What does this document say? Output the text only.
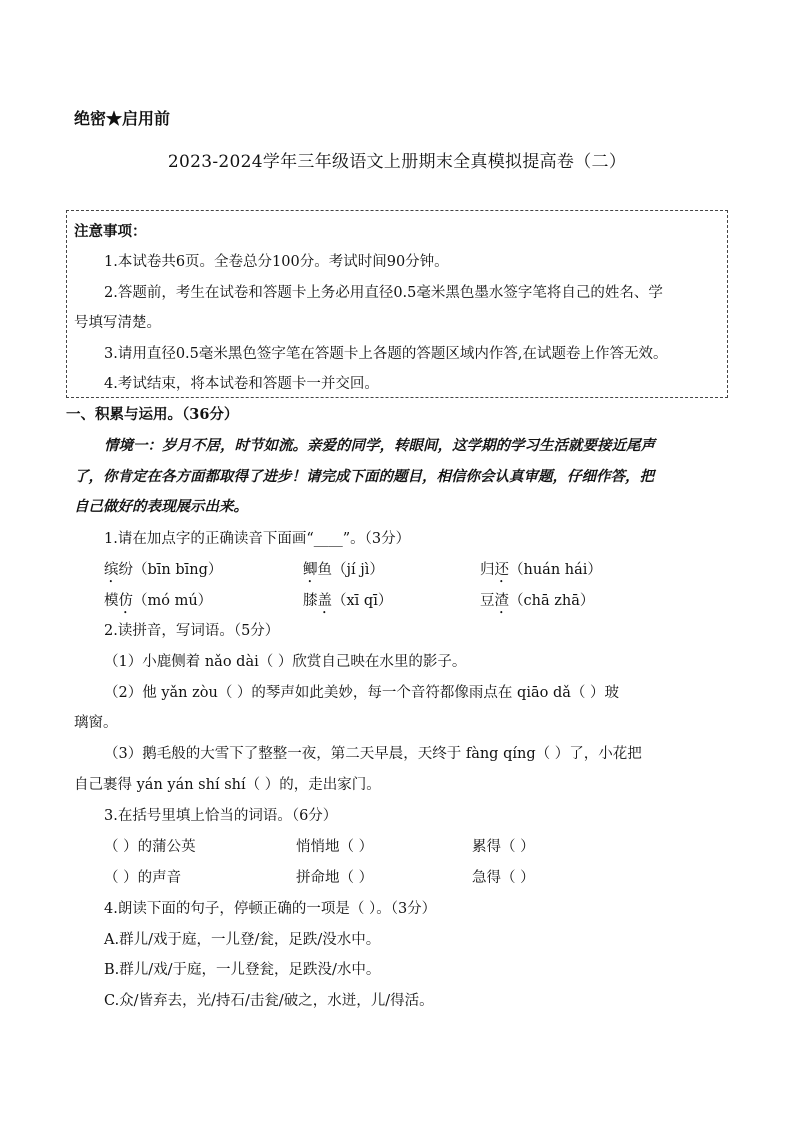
绝密★启用前
2023-2024学年三年级语文上册期末全真模拟提高卷（二）
注意事项：
1.本试卷共6页。全卷总分100分。考试时间90分钟。
2.答题前，考生在试卷和答题卡上务必用直径0.5毫米黑色墨水签字笔将自己的姓名、学
号填写清楚。
3.请用直径0.5毫米黑色签字笔在答题卡上各题的答题区域内作答,在试题卷上作答无效。
4.考试结束，将本试卷和答题卡一并交回。
一、积累与运用。（36分）
情境一：岁月不居，时节如流。亲爱的同学，转眼间，这学期的学习生活就要接近尾声
了，你肯定在各方面都取得了进步！请完成下面的题目，相信你会认真审题，仔细作答，把
自己做好的表现展示出来。
1.请在加点字的正确读音下面画“____”。（3分）
缤纷（bīn bīng）	鲫鱼（jí jì）	归还（huán hái）
模仿（mó mú）	膝盖（xī qī）	豆渣（chā zhā）
2.读拼音，写词语。（5分）
（1）小鹿侧着 nǎo dài（ ）欣赏自己映在水里的影子。
（2）他 yǎn zòu（ ）的琴声如此美妙，每一个音符都像雨点在 qiāo dǎ（ ）玻
璃窗。
（3）鹅毛般的大雪下了整整一夜，第二天早晨，天终于 fàng qíng（ ）了，小花把
自己裹得 yán yán shí shí（ ）的，走出家门。
3.在括号里填上恰当的词语。（6分）
（ ）的蒲公英	悄悄地（ ）	累得（ ）
（ ）的声音	拼命地（ ）	急得（ ）
4.朗读下面的句子，停顿正确的一项是（ ）。（3分）
A.群儿/戏于庭，一儿登/瓮，足跌/没水中。
B.群儿/戏/于庭，一儿登瓮，足跌没/水中。
C.众/皆弃去，光/持石/击瓮/破之，水迸，儿/得活。
